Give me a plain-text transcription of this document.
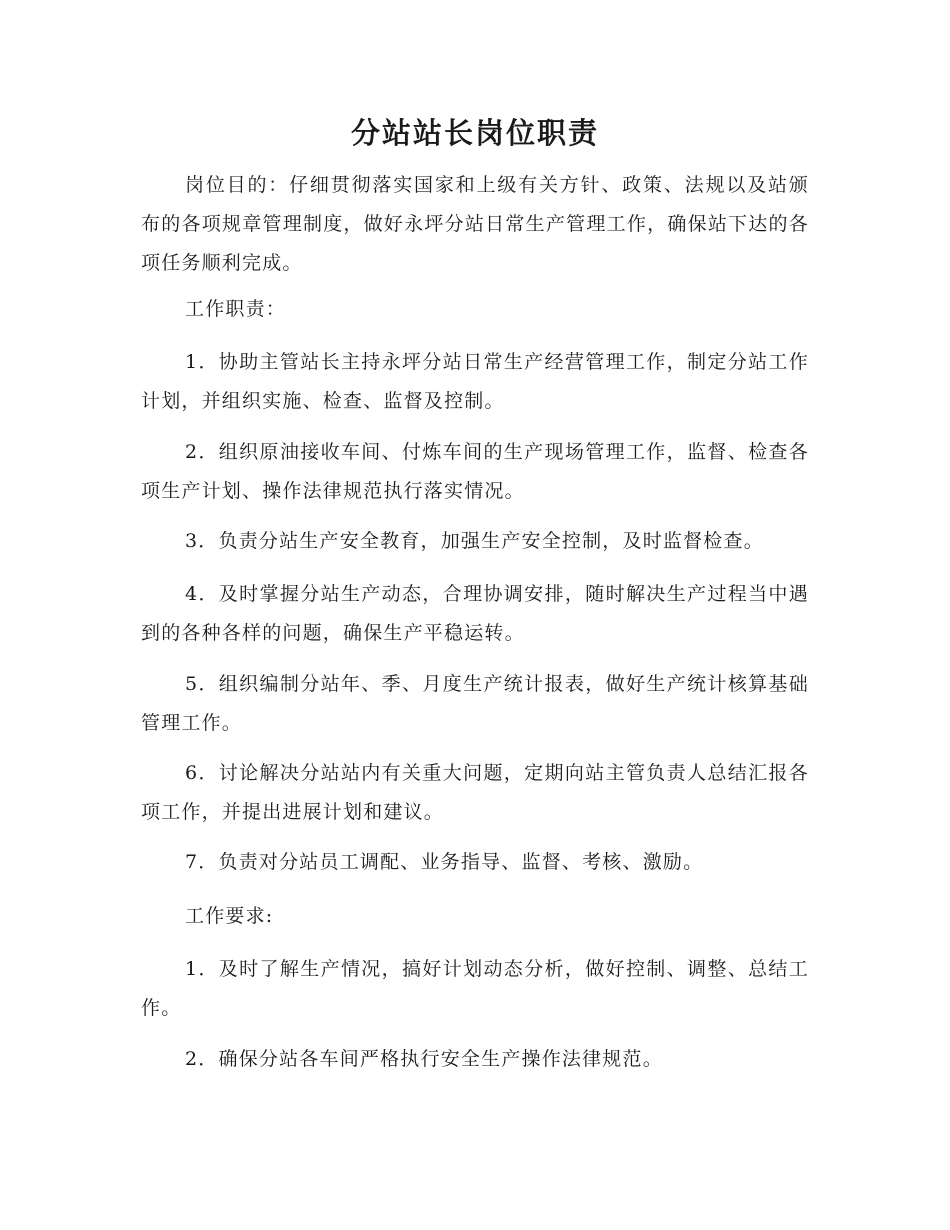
分站站长岗位职责

岗位目的：仔细贯彻落实国家和上级有关方针、政策、法规以及站颁布的各项规章管理制度，做好永坪分站日常生产管理工作，确保站下达的各项任务顺利完成。

工作职责：

1．协助主管站长主持永坪分站日常生产经营管理工作，制定分站工作计划，并组织实施、检查、监督及控制。

2．组织原油接收车间、付炼车间的生产现场管理工作，监督、检查各项生产计划、操作法律规范执行落实情况。

3．负责分站生产安全教育，加强生产安全控制，及时监督检查。

4．及时掌握分站生产动态，合理协调安排，随时解决生产过程当中遇到的各种各样的问题，确保生产平稳运转。

5．组织编制分站年、季、月度生产统计报表，做好生产统计核算基础管理工作。

6．讨论解决分站站内有关重大问题，定期向站主管负责人总结汇报各项工作，并提出进展计划和建议。

7．负责对分站员工调配、业务指导、监督、考核、激励。

工作要求:

1．及时了解生产情况，搞好计划动态分析，做好控制、调整、总结工作。

2．确保分站各车间严格执行安全生产操作法律规范。
